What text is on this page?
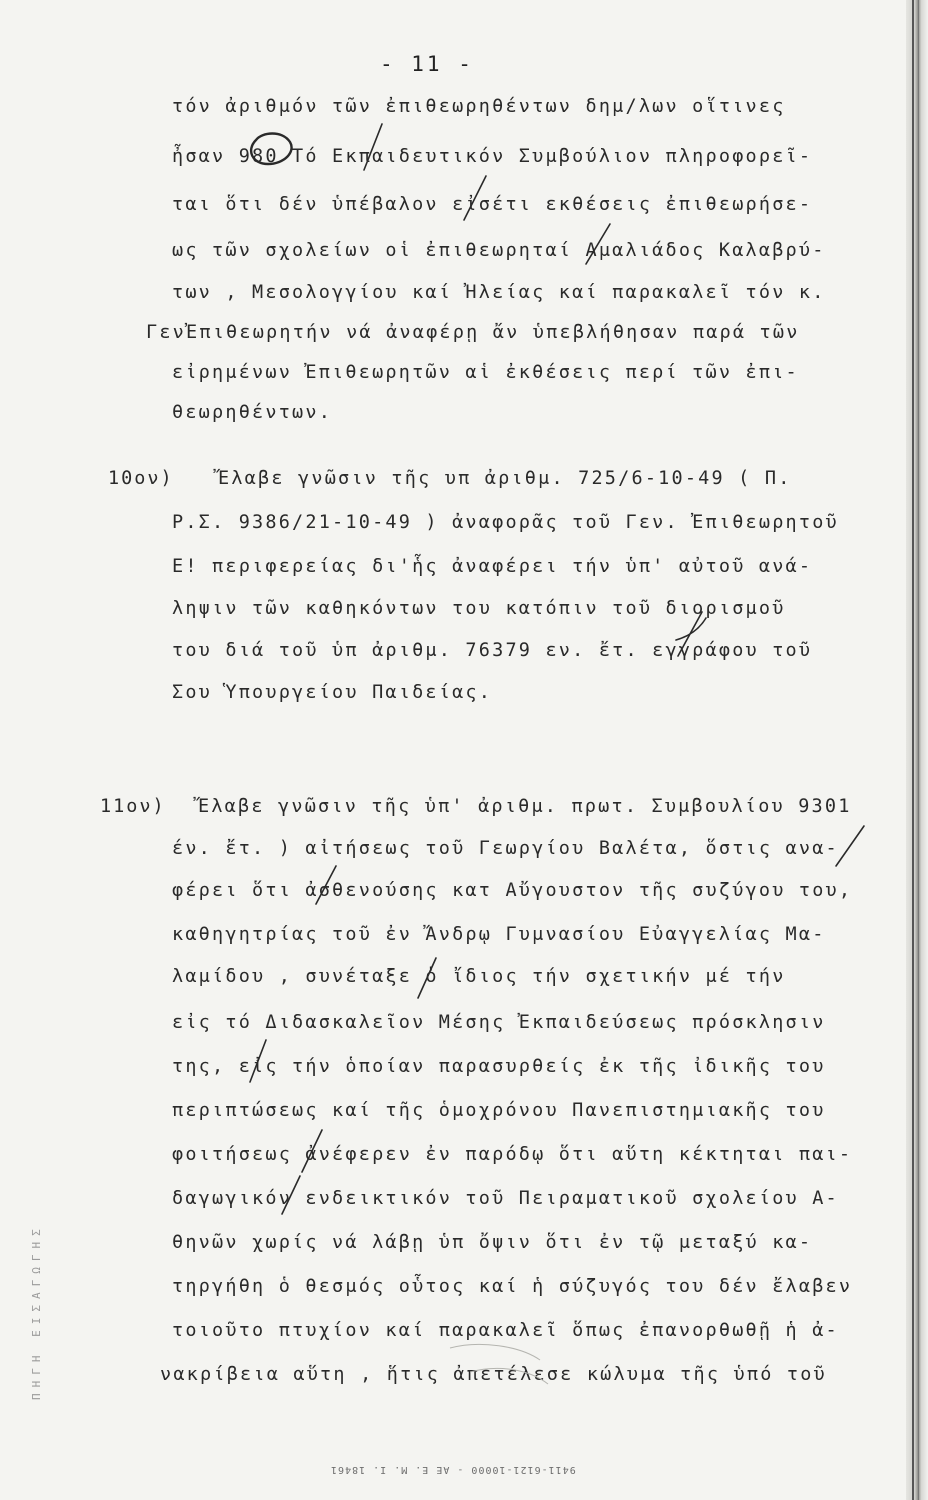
- 11 -
τόν ἀριθμόν τῶν ἐπιθεωρηθέντων δημ/λων οἵτινες
ἦσαν 980 Τό Εκπαιδευτικόν Συμβούλιον πληροφορεῖ-
ται ὅτι δέν ὑπέβαλον εἰσέτι εκθέσεις ἐπιθεωρήσε-
ως τῶν σχολείων οἱ ἐπιθεωρηταί Αμαλιάδος Καλαβρύ-
των , Μεσολογγίου καί Ἠλείας καί παρακαλεῖ τόν κ.
ΓενἘπιθεωρητήν νά ἀναφέρῃ ἄν ὑπεβλήθησαν παρά τῶν
εἰρημένων Ἐπιθεωρητῶν αἱ ἐκθέσεις περί τῶν ἐπι-
θεωρηθέντων.
10ον) Ἔλαβε γνῶσιν τῆς υπ ἀριθμ. 725/6-10-49 ( Π.
Ρ.Σ. 9386/21-10-49 ) ἀναφορᾶς τοῦ Γεν. Ἐπιθεωρητοῦ
Ε! περιφερείας δι'ἧς ἀναφέρει τήν ὑπ' αὐτοῦ ανά-
ληψιν τῶν καθηκόντων του κατόπιν τοῦ διορισμοῦ
του διά τοῦ ὑπ ἀριθμ. 76379 εν. ἔτ. εγγράφου τοῦ
Σου Ὑπουργείου Παιδείας.
11ον) Ἔλαβε γνῶσιν τῆς ὑπ' ἀριθμ. πρωτ. Συμβουλίου 9301
έν. ἔτ. ) αἰτήσεως τοῦ Γεωργίου Βαλέτα, ὅστις ανα-
φέρει ὅτι ἀσθενούσης κατ Αὔγουστον τῆς συζύγου του,
καθηγητρίας τοῦ ἐν Ἄνδρῳ Γυμνασίου Εὐαγγελίας Μα-
λαμίδου , συνέταξε ὁ ἴδιος τήν σχετικήν μέ τήν
εἰς τό Διδασκαλεῖον Μέσης Ἐκπαιδεύσεως πρόσκλησιν
της, εἰς τήν ὁποίαν παρασυρθείς ἐκ τῆς ἰδικῆς του
περιπτώσεως καί τῆς ὁμοχρόνου Πανεπιστημιακῆς του
φοιτήσεως ἀνέφερεν ἐν παρόδῳ ὅτι αὕτη κέκτηται παι-
δαγωγικόν ενδεικτικόν τοῦ Πειραματικοῦ σχολείου Α-
θηνῶν χωρίς νά λάβῃ ὑπ ὄψιν ὅτι ἐν τῷ μεταξύ κα-
τηργήθη ὁ θεσμός οὗτος καί ἡ σύζυγός του δέν ἔλαβεν
τοιοῦτο πτυχίον καί παρακαλεῖ ὅπως ἐπανορθωθῇ ἡ ἀ-
νακρίβεια αὕτη , ἥτις ἀπετέλεσε κώλυμα τῆς ὑπό τοῦ
ΠΗΓΗ ΕΙΣΑΓΩΓΗΣ
9411-6121-10000 - ΑΕ Ε. Μ. Ι. 18461
